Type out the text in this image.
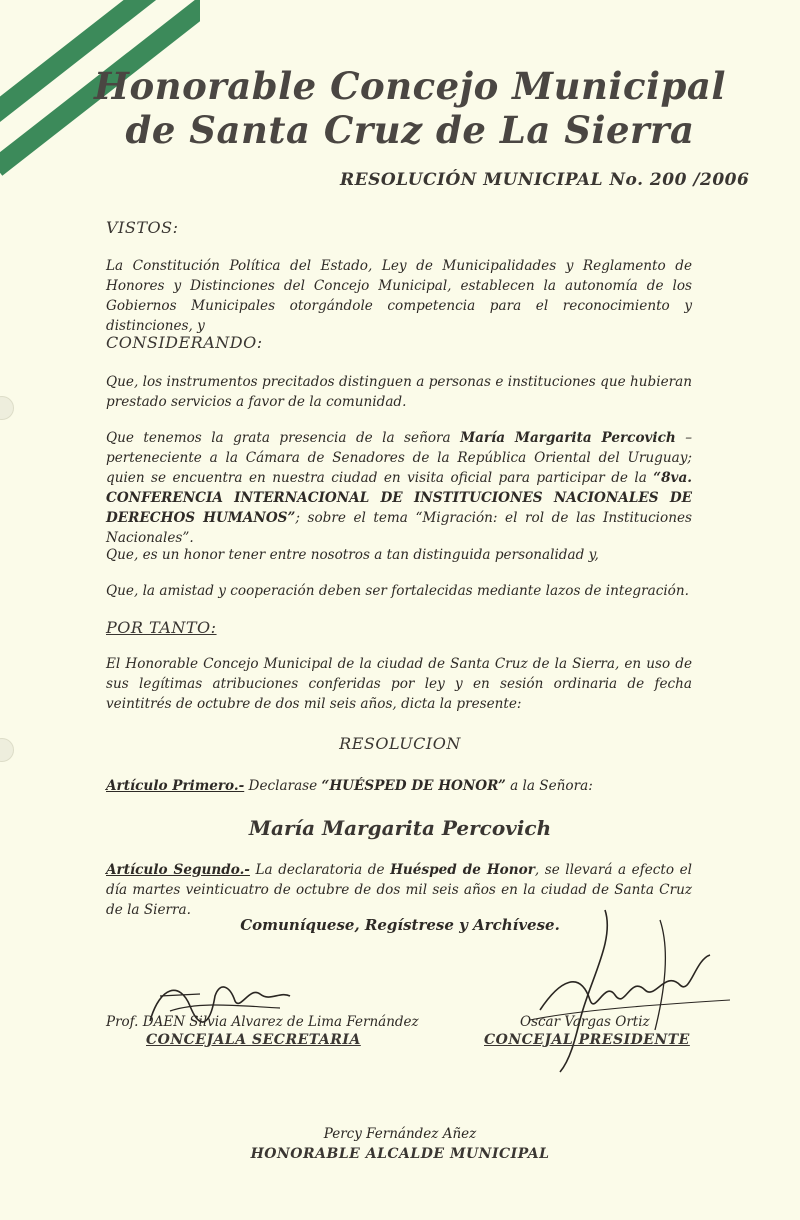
Honorable Concejo Municipal
de Santa Cruz de La Sierra
RESOLUCIÓN MUNICIPAL No. 200 /2006
VISTOS:
La Constitución Política del Estado, Ley de Municipalidades y Reglamento de Honores y Distinciones del Concejo Municipal, establecen la autonomía de los Gobiernos Municipales otorgándole competencia para el reconocimiento y distinciones, y
CONSIDERANDO:
Que, los instrumentos precitados distinguen a personas e instituciones que hubieran prestado servicios a favor de la comunidad.
Que tenemos la grata presencia de la señora María Margarita Percovich – perteneciente a la Cámara de Senadores de la República Oriental del Uruguay; quien se encuentra en nuestra ciudad en visita oficial para participar de la “8va. CONFERENCIA INTERNACIONAL DE INSTITUCIONES NACIONALES DE DERECHOS HUMANOS”; sobre el tema “Migración: el rol de las Instituciones Nacionales”.
Que, es un honor tener entre nosotros a tan distinguida personalidad y,
Que, la amistad y cooperación deben ser fortalecidas mediante lazos de integración.
POR TANTO:
El Honorable Concejo Municipal de la ciudad de Santa Cruz de la Sierra, en uso de sus legítimas atribuciones conferidas por ley y en sesión ordinaria de fecha veintitrés de octubre de dos mil seis años, dicta la presente:
RESOLUCION
Artículo Primero.- Declarase “HUÉSPED DE HONOR” a la Señora:
María Margarita Percovich
Artículo Segundo.- La declaratoria de Huésped de Honor, se llevará a efecto el día martes veinticuatro de octubre de dos mil seis años en la ciudad de Santa Cruz de la Sierra.
Comuníquese, Regístrese y Archívese.
Prof. DAEN Silvia Alvarez de Lima Fernández
CONCEJALA SECRETARIA
Oscar Vargas Ortiz
CONCEJAL PRESIDENTE
Percy Fernández Añez
HONORABLE ALCALDE MUNICIPAL
